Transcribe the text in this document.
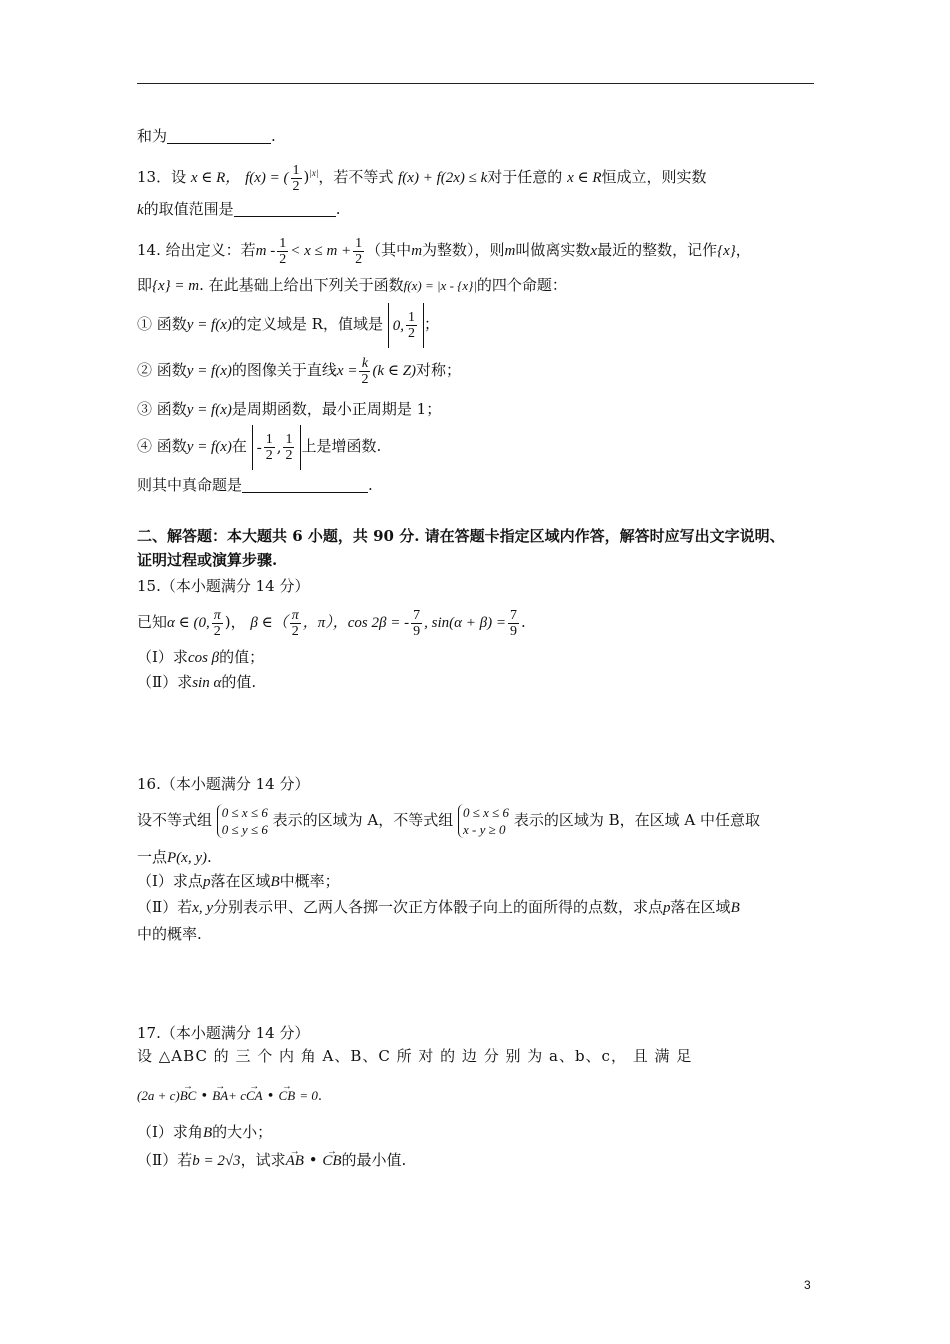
和为	.
13．设 x ∈ R， f(x) = ( $\frac{1}{2} )^{|x|}$，若不等式 f(x) + f(2x) ≤ k对于任意的 x ∈ R恒成立，则实数
k的取值范围是	.
14. 给出定义：若$m - \frac{1}{2} < x \le m + \frac{1}{2}$ （其中m为整数），则m叫做离实数x最近的整数，记作{x}，
即{x} = m. 在此基础上给出下列关于函数f(x) = |x - {x}|的四个命题：
① 函数y = f(x)的定义域是 R，值域是 0, $\frac{1}{2}$ ；
② 函数y = f(x)的图像关于直线$x = \frac{k}{2} (k$ ∈ Z)对称；
③ 函数y = f(x)是周期函数，最小正周期是 1；
④ 函数y = f(x)在 - $\frac{1}{2}$ , $\frac{1}{2}$ 上是增函数.
则其中真命题是	.
二、解答题：本大题共 6 小题，共 90 分. 请在答题卡指定区域内作答，解答时应写出文字说明、
证明过程或演算步骤.
15.（本小题满分 14 分）
已知α ∈ (0, $\frac{\pi}{2}$ )， β ∈（ $\frac{\pi}{2}$ ，π），cos 2β = - $\frac{7}{9}$ , $\sin(\alpha + \beta) = \frac{7}{9}$ .
（Ⅰ）求cos β的值；
（Ⅱ）求sin α的值.
16.（本小题满分 14 分）
设不等式组 0 ≤ x ≤ 6
0 ≤ y ≤ 6
表示的区域为 A，不等式组 0 ≤ x ≤ 6
x - y ≥ 0
表示的区域为 B，在区域 A 中任意取
一点P(x, y).
（Ⅰ）求点p落在区域B中概率；
（Ⅱ）若x, y分别表示甲、乙两人各掷一次正方体骰子向上的面所得的点数，求点p落在区域B
中的概率.
17.（本小题满分 14 分）
设 △ABC 的 三 个 内 角 A、B、C 所 对 的 边 分 别 为 a、b、c， 且 满 足
(2a + c)→ BC • → BA+ c→ CA • → CB = 0.
（Ⅰ）求角B的大小；
（Ⅱ）若b = 2√3，试求→ AB • → CB的最小值.
3
